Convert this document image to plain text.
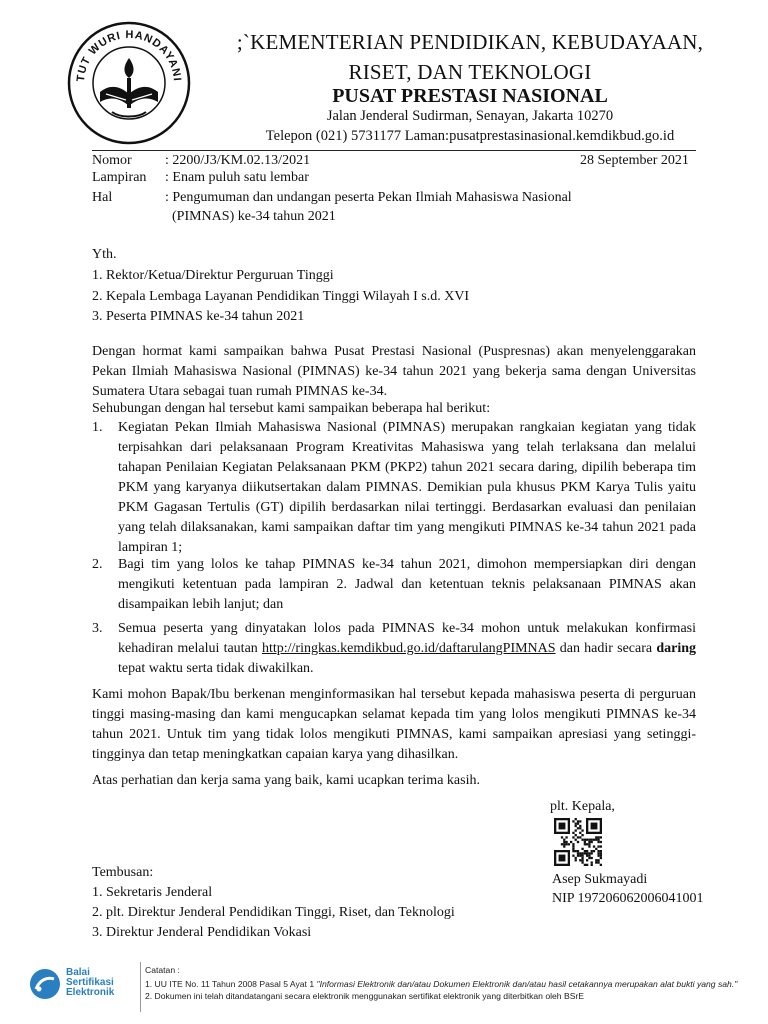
TUT WURI HANDAYANI
;`KEMENTERIAN PENDIDIKAN, KEBUDAYAAN,
RISET, DAN TEKNOLOGI
PUSAT PRESTASI NASIONAL
Jalan Jenderal Sudirman, Senayan, Jakarta 10270
Telepon (021) 5731177 Laman:pusatprestasinasional.kemdikbud.go.id
Nomor : 2200/J3/KM.02.13/2021	28 September 2021
Lampiran : Enam puluh satu lembar
Hal	: Pengumuman dan undangan peserta Pekan Ilmiah Mahasiswa Nasional
(PIMNAS) ke-34 tahun 2021
Yth.
1. Rektor/Ketua/Direktur Perguruan Tinggi
2. Kepala Lembaga Layanan Pendidikan Tinggi Wilayah I s.d. XVI
3. Peserta PIMNAS ke-34 tahun 2021
Dengan hormat kami sampaikan bahwa Pusat Prestasi Nasional (Puspresnas) akan menyelenggarakan Pekan Ilmiah Mahasiswa Nasional (PIMNAS) ke-34 tahun 2021 yang bekerja sama dengan Universitas Sumatera Utara sebagai tuan rumah PIMNAS ke-34.
Sehubungan dengan hal tersebut kami sampaikan beberapa hal berikut:
1. Kegiatan Pekan Ilmiah Mahasiswa Nasional (PIMNAS) merupakan rangkaian kegiatan yang tidak terpisahkan dari pelaksanaan Program Kreativitas Mahasiswa yang telah terlaksana dan melalui tahapan Penilaian Kegiatan Pelaksanaan PKM (PKP2) tahun 2021 secara daring, dipilih beberapa tim PKM yang karyanya diikutsertakan dalam PIMNAS. Demikian pula khusus PKM Karya Tulis yaitu PKM Gagasan Tertulis (GT) dipilih berdasarkan nilai tertinggi. Berdasarkan evaluasi dan penilaian yang telah dilaksanakan, kami sampaikan daftar tim yang mengikuti PIMNAS ke-34 tahun 2021 pada lampiran 1;
2. Bagi tim yang lolos ke tahap PIMNAS ke-34 tahun 2021, dimohon mempersiapkan diri dengan mengikuti ketentuan pada lampiran 2. Jadwal dan ketentuan teknis pelaksanaan PIMNAS akan disampaikan lebih lanjut; dan
3. Semua peserta yang dinyatakan lolos pada PIMNAS ke-34 mohon untuk melakukan konfirmasi kehadiran melalui tautan http://ringkas.kemdikbud.go.id/daftarulangPIMNAS dan hadir secara daring tepat waktu serta tidak diwakilkan.
Kami mohon Bapak/Ibu berkenan menginformasikan hal tersebut kepada mahasiswa peserta di perguruan tinggi masing-masing dan kami mengucapkan selamat kepada tim yang lolos mengikuti PIMNAS ke-34 tahun 2021. Untuk tim yang tidak lolos mengikuti PIMNAS, kami sampaikan apresiasi yang setinggi-tingginya dan tetap meningkatkan capaian karya yang dihasilkan.
Atas perhatian dan kerja sama yang baik, kami ucapkan terima kasih.
plt. Kepala,
Asep Sukmayadi
NIP 197206062006041001
Tembusan:
1. Sekretaris Jenderal
2. plt. Direktur Jenderal Pendidikan Tinggi, Riset, dan Teknologi
3. Direktur Jenderal Pendidikan Vokasi
Balai
Sertifikasi
Elektronik
Catatan :
1. UU ITE No. 11 Tahun 2008 Pasal 5 Ayat 1 "Informasi Elektronik dan/atau Dokumen Elektronik dan/atau hasil cetakannya merupakan alat bukti yang sah."
2. Dokumen ini telah ditandatangani secara elektronik menggunakan sertifikat elektronik yang diterbitkan oleh BSrE
